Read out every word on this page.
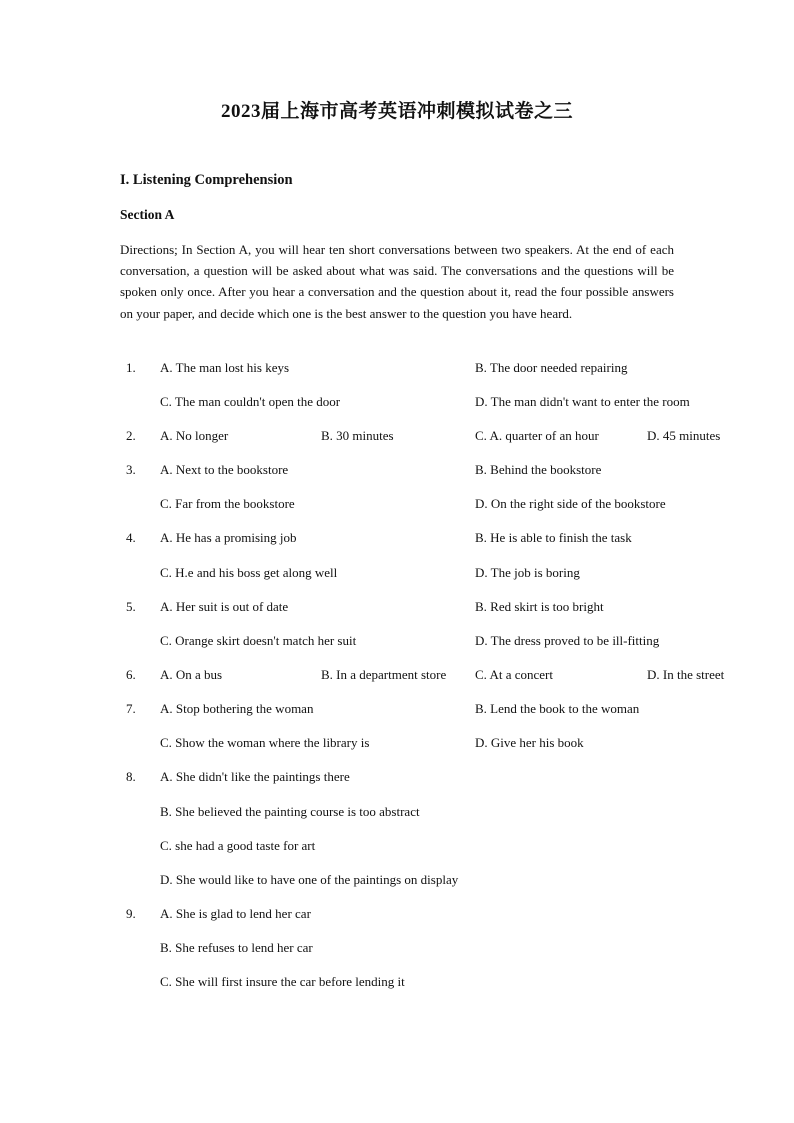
2023届上海市高考英语冲刺模拟试卷之三
I. Listening Comprehension
Section A

Directions; In Section A, you will hear ten short conversations between two speakers. At the end of each conversation, a question will be asked about what was said. The conversations and the questions will be spoken only once. After you hear a conversation and the question about it, read the four possible answers on your paper, and decide which one is the best answer to the question you have heard.

1. A. The man lost his keys	B. The door needed repairing
C. The man couldn't open the door	D. The man didn't want to enter the room
2. A. No longer	B. 30 minutes	C. A. quarter of an hour	D. 45 minutes
3. A. Next to the bookstore	B. Behind the bookstore
C. Far from the bookstore	D. On the right side of the bookstore
4. A. He has a promising job	B. He is able to finish the task
C. H.e and his boss get along well	D. The job is boring
5. A. Her suit is out of date	B. Red skirt is too bright
C. Orange skirt doesn't match her suit	D. The dress proved to be ill-fitting
6. A. On a bus	B. In a department store C. At a concert	D. In the street
7. A. Stop bothering the woman	B. Lend the book to the woman
C. Show the woman where the library is	D. Give her his book
8. A. She didn't like the paintings there
B. She believed the painting course is too abstract
C. she had a good taste for art
D. She would like to have one of the paintings on display
9. A. She is glad to lend her car
B. She refuses to lend her car
C. She will first insure the car before lending it
